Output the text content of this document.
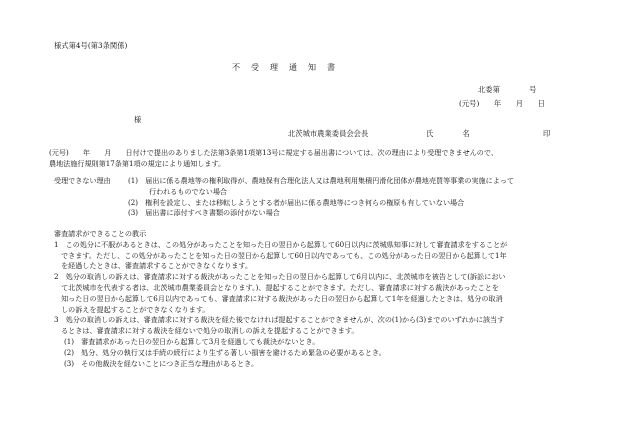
様式第4号(第3条関係)
不受理通知書
北委第　　　　号
(元号)　　年　　月　　日
様
北茨城市農業委員会会長	氏　　　　名	印
(元号)　　年　　月　　日付けで提出のありました法第3条第1項第13号に規定する届出書については、次の理由により受理できませんので、
農地法施行規則第17条第1項の規定により通知します。
受理できない理由 (1)　 届出に係る農地等の権利取得が、農地保有合理化法人又は農地利用集積円滑化団体が農地売買等事業の実施によって
行われるものでない場合
(2)　 権利を設定し、または移転しようとする者が届出に係る農地等につき何らの権原も有していない場合
(3)　 届出書に添付すべき書類の添付がない場合
審査請求ができることの教示
1　この処分に不服があるときは、この処分があったことを知った日の翌日から起算して60日以内に茨城県知事に対して審査請求をすることが
　できます。ただし、この処分があったことを知った日の翌日から起算して60日以内であっても、この処分があった日の翌日から起算して1年
　を経過したときは、審査請求することができなくなります。
2　処分の取消しの訴えは、審査請求に対する裁決があったことを知った日の翌日から起算して6月以内に、北茨城市を被告として(訴訟におい
　て北茨城市を代表する者は、北茨城市農業委員会となります。)、提起することができます。ただし、審査請求に対する裁決があったことを
　知った日の翌日から起算して6月以内であっても、審査請求に対する裁決があった日の翌日から起算して1年を経過したときは、処分の取消
　しの訴えを提起することができなくなります。
3　処分の取消しの訴えは、審査請求に対する裁決を経た後でなければ提起することができませんが、次の(1)から(3)までのいずれかに該当す
　るときは、審査請求に対する裁決を経ないで処分の取消しの訴えを提起することができます。
(1)　審査請求があった日の翌日から起算して3月を経過しても裁決がないとき。
(2)　処分、処分の執行又は手続の続行により生ずる著しい損害を避けるため緊急の必要があるとき。
(3)　その他裁決を経ないことにつき正当な理由があるとき。
